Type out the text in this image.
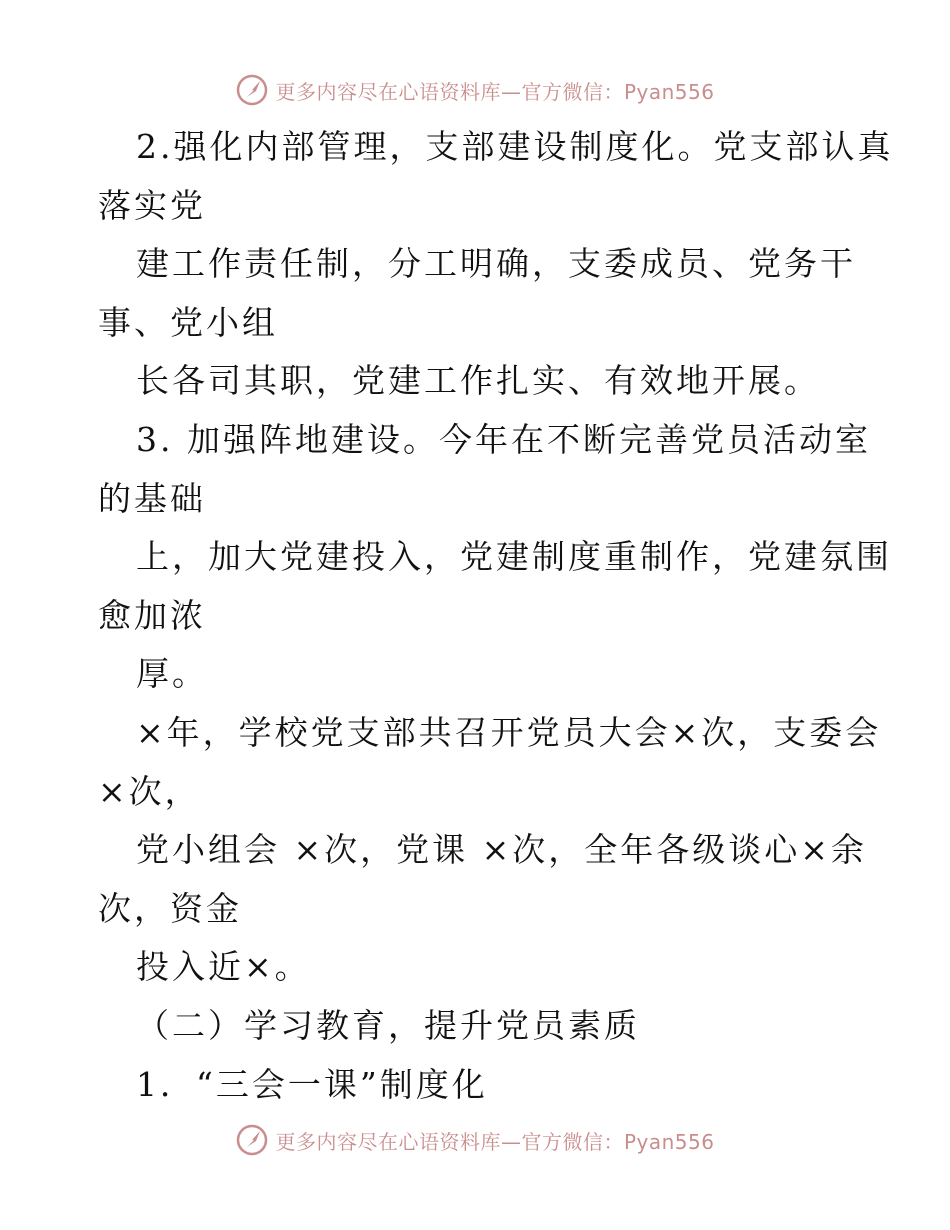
更多内容尽在心语资料库—官方微信：Pyan556
2.强化内部管理，支部建设制度化。党支部认真
落实党
建工作责任制，分工明确，支委成员、党务干
事、党小组
长各司其职，党建工作扎实、有效地开展。
3. 加强阵地建设。今年在不断完善党员活动室
的基础
上，加大党建投入，党建制度重制作，党建氛围
愈加浓
厚。
×年，学校党支部共召开党员大会×次，支委会
×次，
党小组会 ×次，党课 ×次，全年各级谈心×余
次，资金
投入近×。
（二）学习教育，提升党员素质
1．“三会一课”制度化
更多内容尽在心语资料库—官方微信：Pyan556
